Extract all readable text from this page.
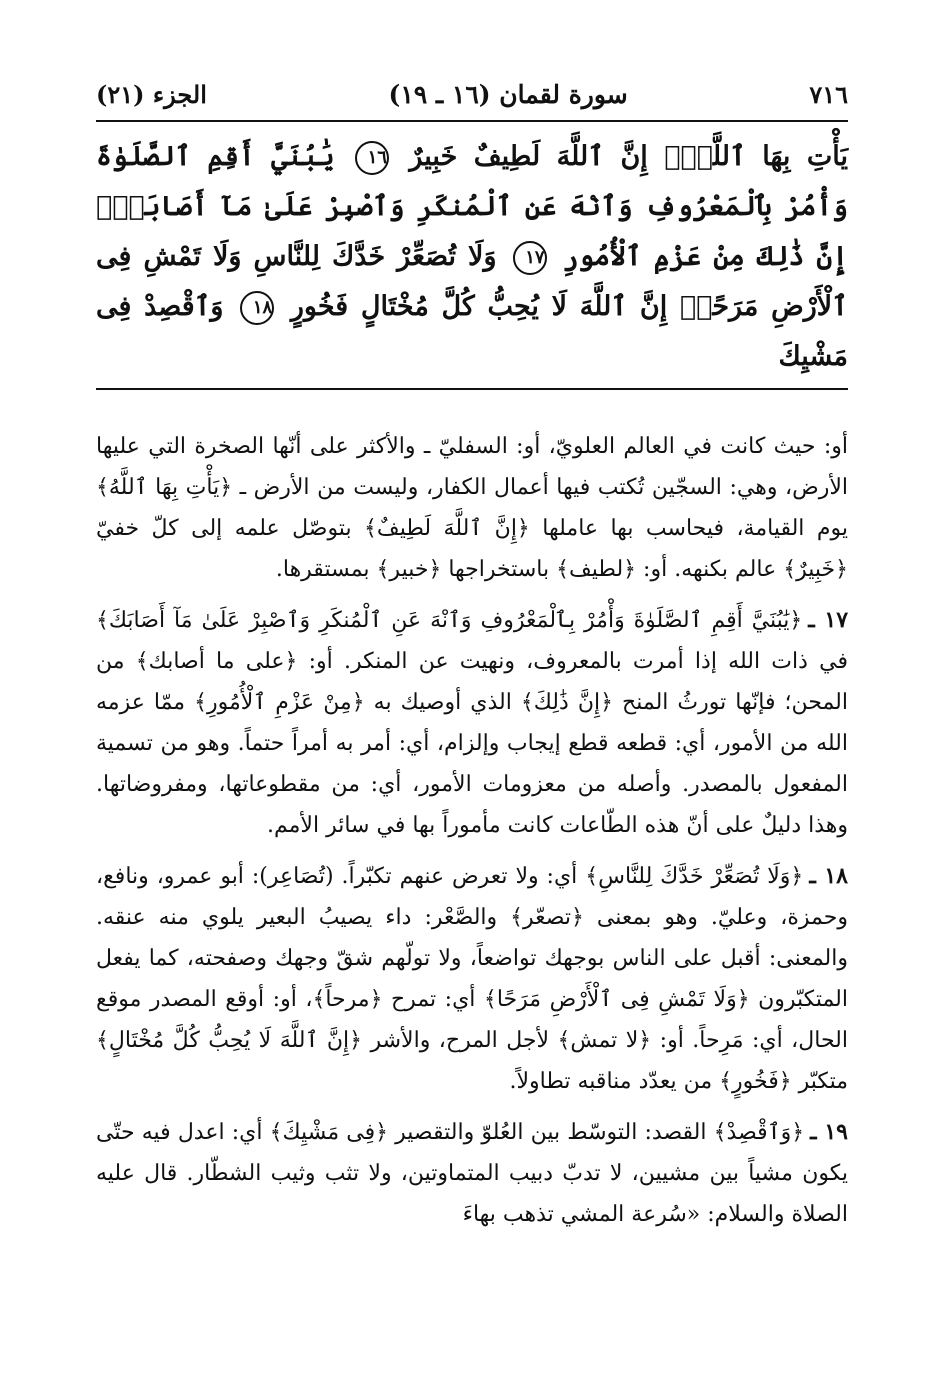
٧١٦
سورة لقمان (١٦ ـ ١٩)
الجزء (٢١)
يَأْتِ بِهَا ٱللَّهُۚ إِنَّ ٱللَّهَ لَطِيفٌ خَبِيرٌ ١٦ يَٰبُنَيَّ أَقِمِ ٱلصَّلَوٰةَ وَأْمُرْ بِٱلْمَعْرُوفِ وَٱنْهَ عَنِ ٱلْمُنكَرِ وَٱصْبِرْ عَلَىٰ مَآ أَصَابَكَۖ إِنَّ ذَٰلِكَ مِنْ عَزْمِ ٱلْأُمُورِ ١٧ وَلَا تُصَعِّرْ خَدَّكَ لِلنَّاسِ وَلَا تَمْشِ فِى ٱلْأَرْضِ مَرَحًاۖ إِنَّ ٱللَّهَ لَا يُحِبُّ كُلَّ مُخْتَالٍ فَخُورٍ ١٨ وَٱقْصِدْ فِى مَشْيِكَ

أو: حيث كانت في العالم العلويّ، أو: السفليّ ـ والأكثر على أنّها الصخرة التي عليها الأرض، وهي: السجّين تُكتب فيها أعمال الكفار، وليست من الأرض ـ ﴿يَأْتِ بِهَا ٱللَّهُ﴾ يوم القيامة، فيحاسب بها عاملها ﴿إِنَّ ٱللَّهَ لَطِيفٌ﴾ بتوصّل علمه إلى كلّ خفيّ ﴿خَبِيرٌ﴾ عالم بكنهه. أو: ﴿لطيف﴾ باستخراجها ﴿خبير﴾ بمستقرها.

١٧ ـ﴿يَٰبُنَيَّ أَقِمِ ٱلصَّلَوٰةَ وَأْمُرْ بِٱلْمَعْرُوفِ وَٱنْهَ عَنِ ٱلْمُنكَرِ وَٱصْبِرْ عَلَىٰ مَآ أَصَابَكَ﴾ في ذات الله إذا أمرت بالمعروف، ونهيت عن المنكر. أو: ﴿على ما أصابك﴾ من المحن؛ فإنّها تورثُ المنح ﴿إِنَّ ذَٰلِكَ﴾ الذي أوصيك به ﴿مِنْ عَزْمِ ٱلْأُمُورِ﴾ ممّا عزمه الله من الأمور، أي: قطعه قطع إيجاب وإلزام، أي: أمر به أمراً حتماً. وهو من تسمية المفعول بالمصدر. وأصله من معزومات الأمور، أي: من مقطوعاتها، ومفروضاتها. وهذا دليلٌ على أنّ هذه الطّاعات كانت مأموراً بها في سائر الأمم.

١٨ ـ﴿وَلَا تُصَعِّرْ خَدَّكَ لِلنَّاسِ﴾ أي: ولا تعرض عنهم تكبّراً. (تُصَاعِر): أبو عمرو، ونافع، وحمزة، وعليّ. وهو بمعنى ﴿تصعّر﴾ والصَّعْر: داء يصيبُ البعير يلوي منه عنقه. والمعنى: أقبل على الناس بوجهك تواضعاً، ولا تولّهم شقّ وجهك وصفحته، كما يفعل المتكبّرون ﴿وَلَا تَمْشِ فِى ٱلْأَرْضِ مَرَحًا﴾ أي: تمرح ﴿مرحاً﴾، أو: أوقع المصدر موقع الحال، أي: مَرِحاً. أو: ﴿لا تمش﴾ لأجل المرح، والأشر ﴿إِنَّ ٱللَّهَ لَا يُحِبُّ كُلَّ مُخْتَالٍ﴾ متكبّر ﴿فَخُورٍ﴾ من يعدّد مناقبه تطاولاً.

١٩ ـ﴿وَٱقْصِدْ﴾ القصد: التوسّط بين العُلوّ والتقصير ﴿فِى مَشْيِكَ﴾ أي: اعدل فيه حتّى يكون مشياً بين مشيين، لا تدبّ دبيب المتماوتين، ولا تثب وثيب الشطّار. قال عليه الصلاة والسلام: «سُرعة المشي تذهب بهاءَ
